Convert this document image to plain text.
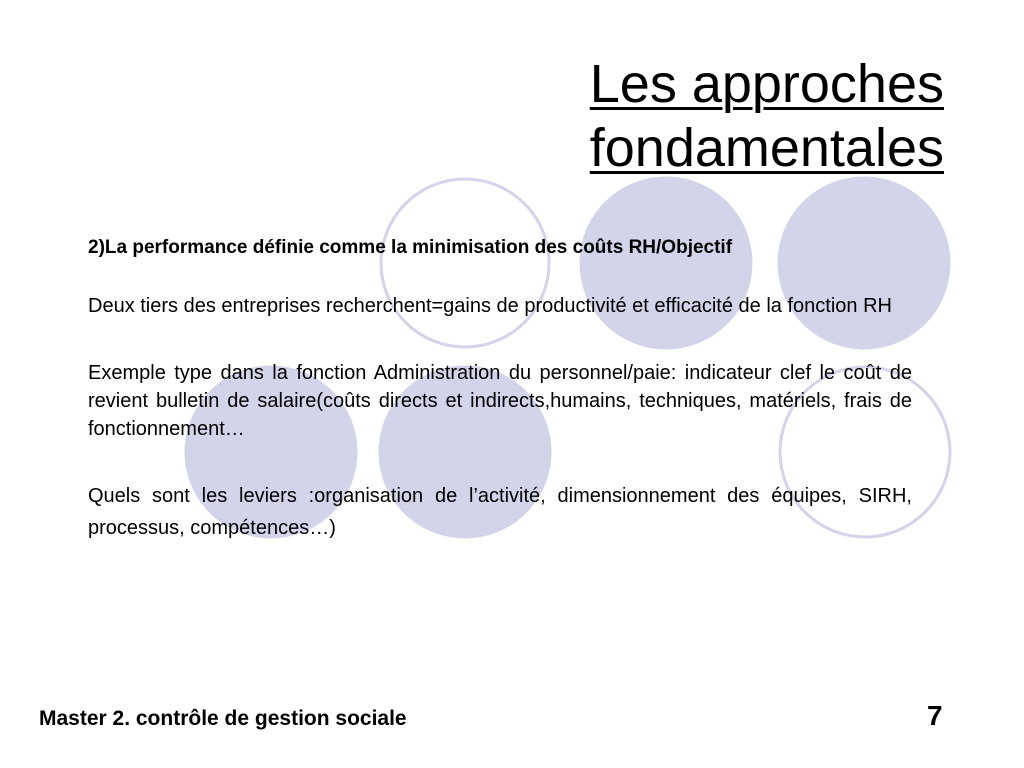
Les approches
fondamentales

2)La performance définie comme la minimisation des coûts RH/Objectif

Deux tiers des entreprises recherchent=gains de productivité et efficacité de la fonction RH

Exemple type dans la fonction Administration du personnel/paie: indicateur clef le coût de revient bulletin de salaire(coûts directs et indirects,humains, techniques, matériels, frais de fonctionnement…

Quels sont les leviers :organisation de l’activité, dimensionnement des équipes, SIRH, processus, compétences…)

Master 2. contrôle de gestion sociale	7
